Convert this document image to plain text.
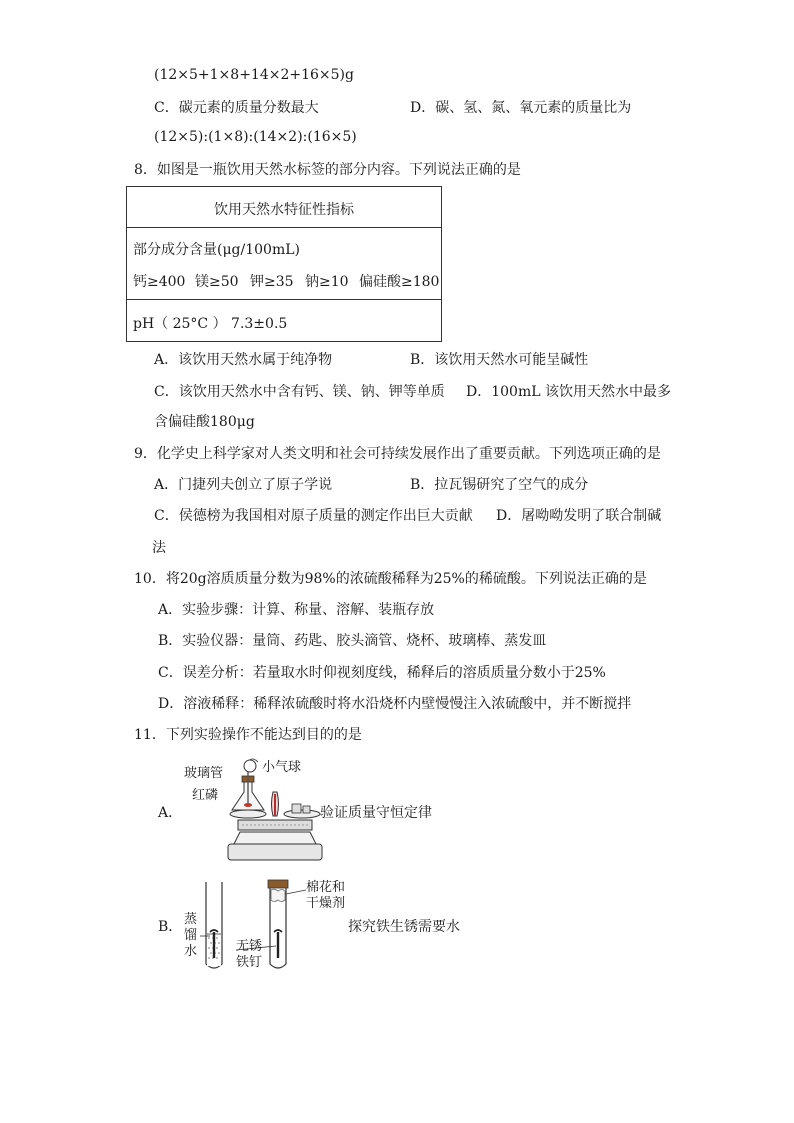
(12×5+1×8+14×2+16×5)g
C．碳元素的质量分数最大	D．碳、氢、氮、氧元素的质量比为
(12×5):(1×8):(14×2):(16×5)
8．如图是一瓶饮用天然水标签的部分内容。下列说法正确的是
饮用天然水特征性指标
部分成分含量(μg/100mL)
钙≥400 镁≥50 钾≥35 钠≥10 偏硅酸≥180
pH（ 25°C ） 7.3±0.5
A．该饮用天然水属于纯净物	B．该饮用天然水可能呈碱性
C．该饮用天然水中含有钙、镁、钠、钾等单质 D．100mL 该饮用天然水中最多
含偏硅酸180μg
9．化学史上科学家对人类文明和社会可持续发展作出了重要贡献。下列选项正确的是
A．门捷列夫创立了原子学说	B．拉瓦锡研究了空气的成分
C．侯德榜为我国相对原子质量的测定作出巨大贡献 D．屠呦呦发明了联合制碱
法
10．将20g溶质质量分数为98%的浓硫酸稀释为25%的稀硫酸。下列说法正确的是
A．实验步骤：计算、称量、溶解、装瓶存放
B．实验仪器：量筒、药匙、胶头滴管、烧杯、玻璃棒、蒸发皿
C．误差分析：若量取水时仰视刻度线，稀释后的溶质质量分数小于25%
D．溶液稀释：稀释浓硫酸时将水沿烧杯内壁慢慢注入浓硫酸中，并不断搅拌
11．下列实验操作不能达到目的的是
A．
玻璃管	小气球
红磷
验证质量守恒定律
B． 蒸
馏
水	无锈
铁钉
棉花和
干燥剂
探究铁生锈需要水
